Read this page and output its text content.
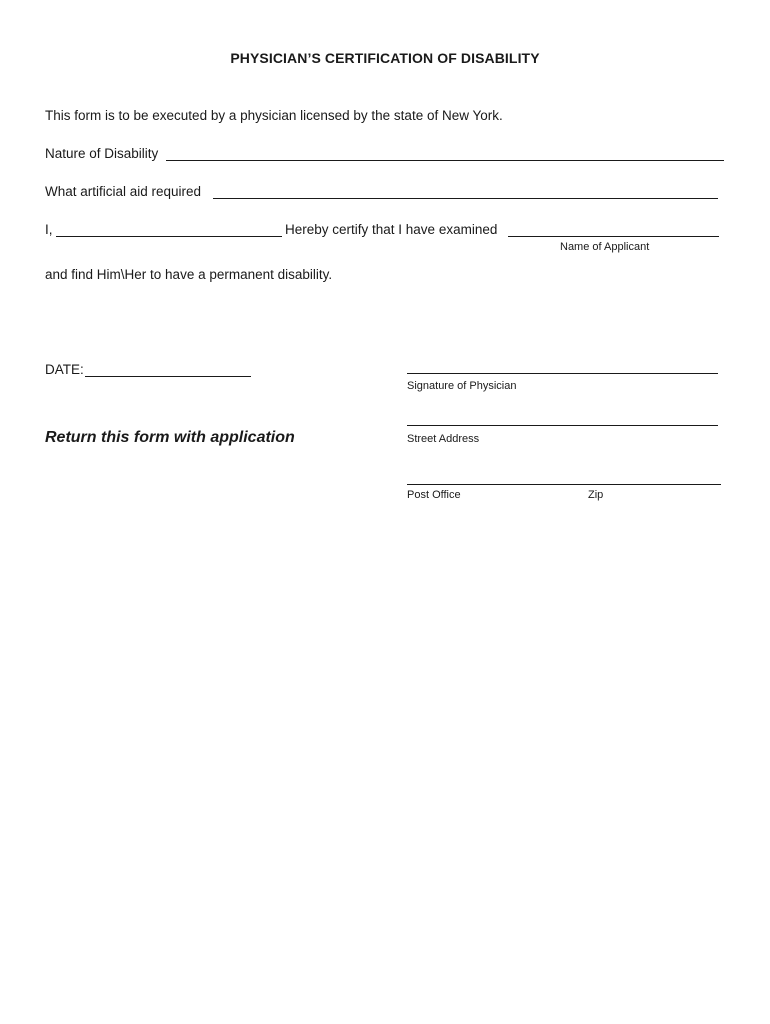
PHYSICIAN’S CERTIFICATION OF DISABILITY
This form is to be executed by a physician licensed by the state of New York.
Nature of Disability
What artificial aid required
I,	Hereby certify that I have examined
Name of Applicant
and find Him\Her to have a permanent disability.
DATE:
Signature of Physician
Return this form with application	Street Address
Post Office	Zip
